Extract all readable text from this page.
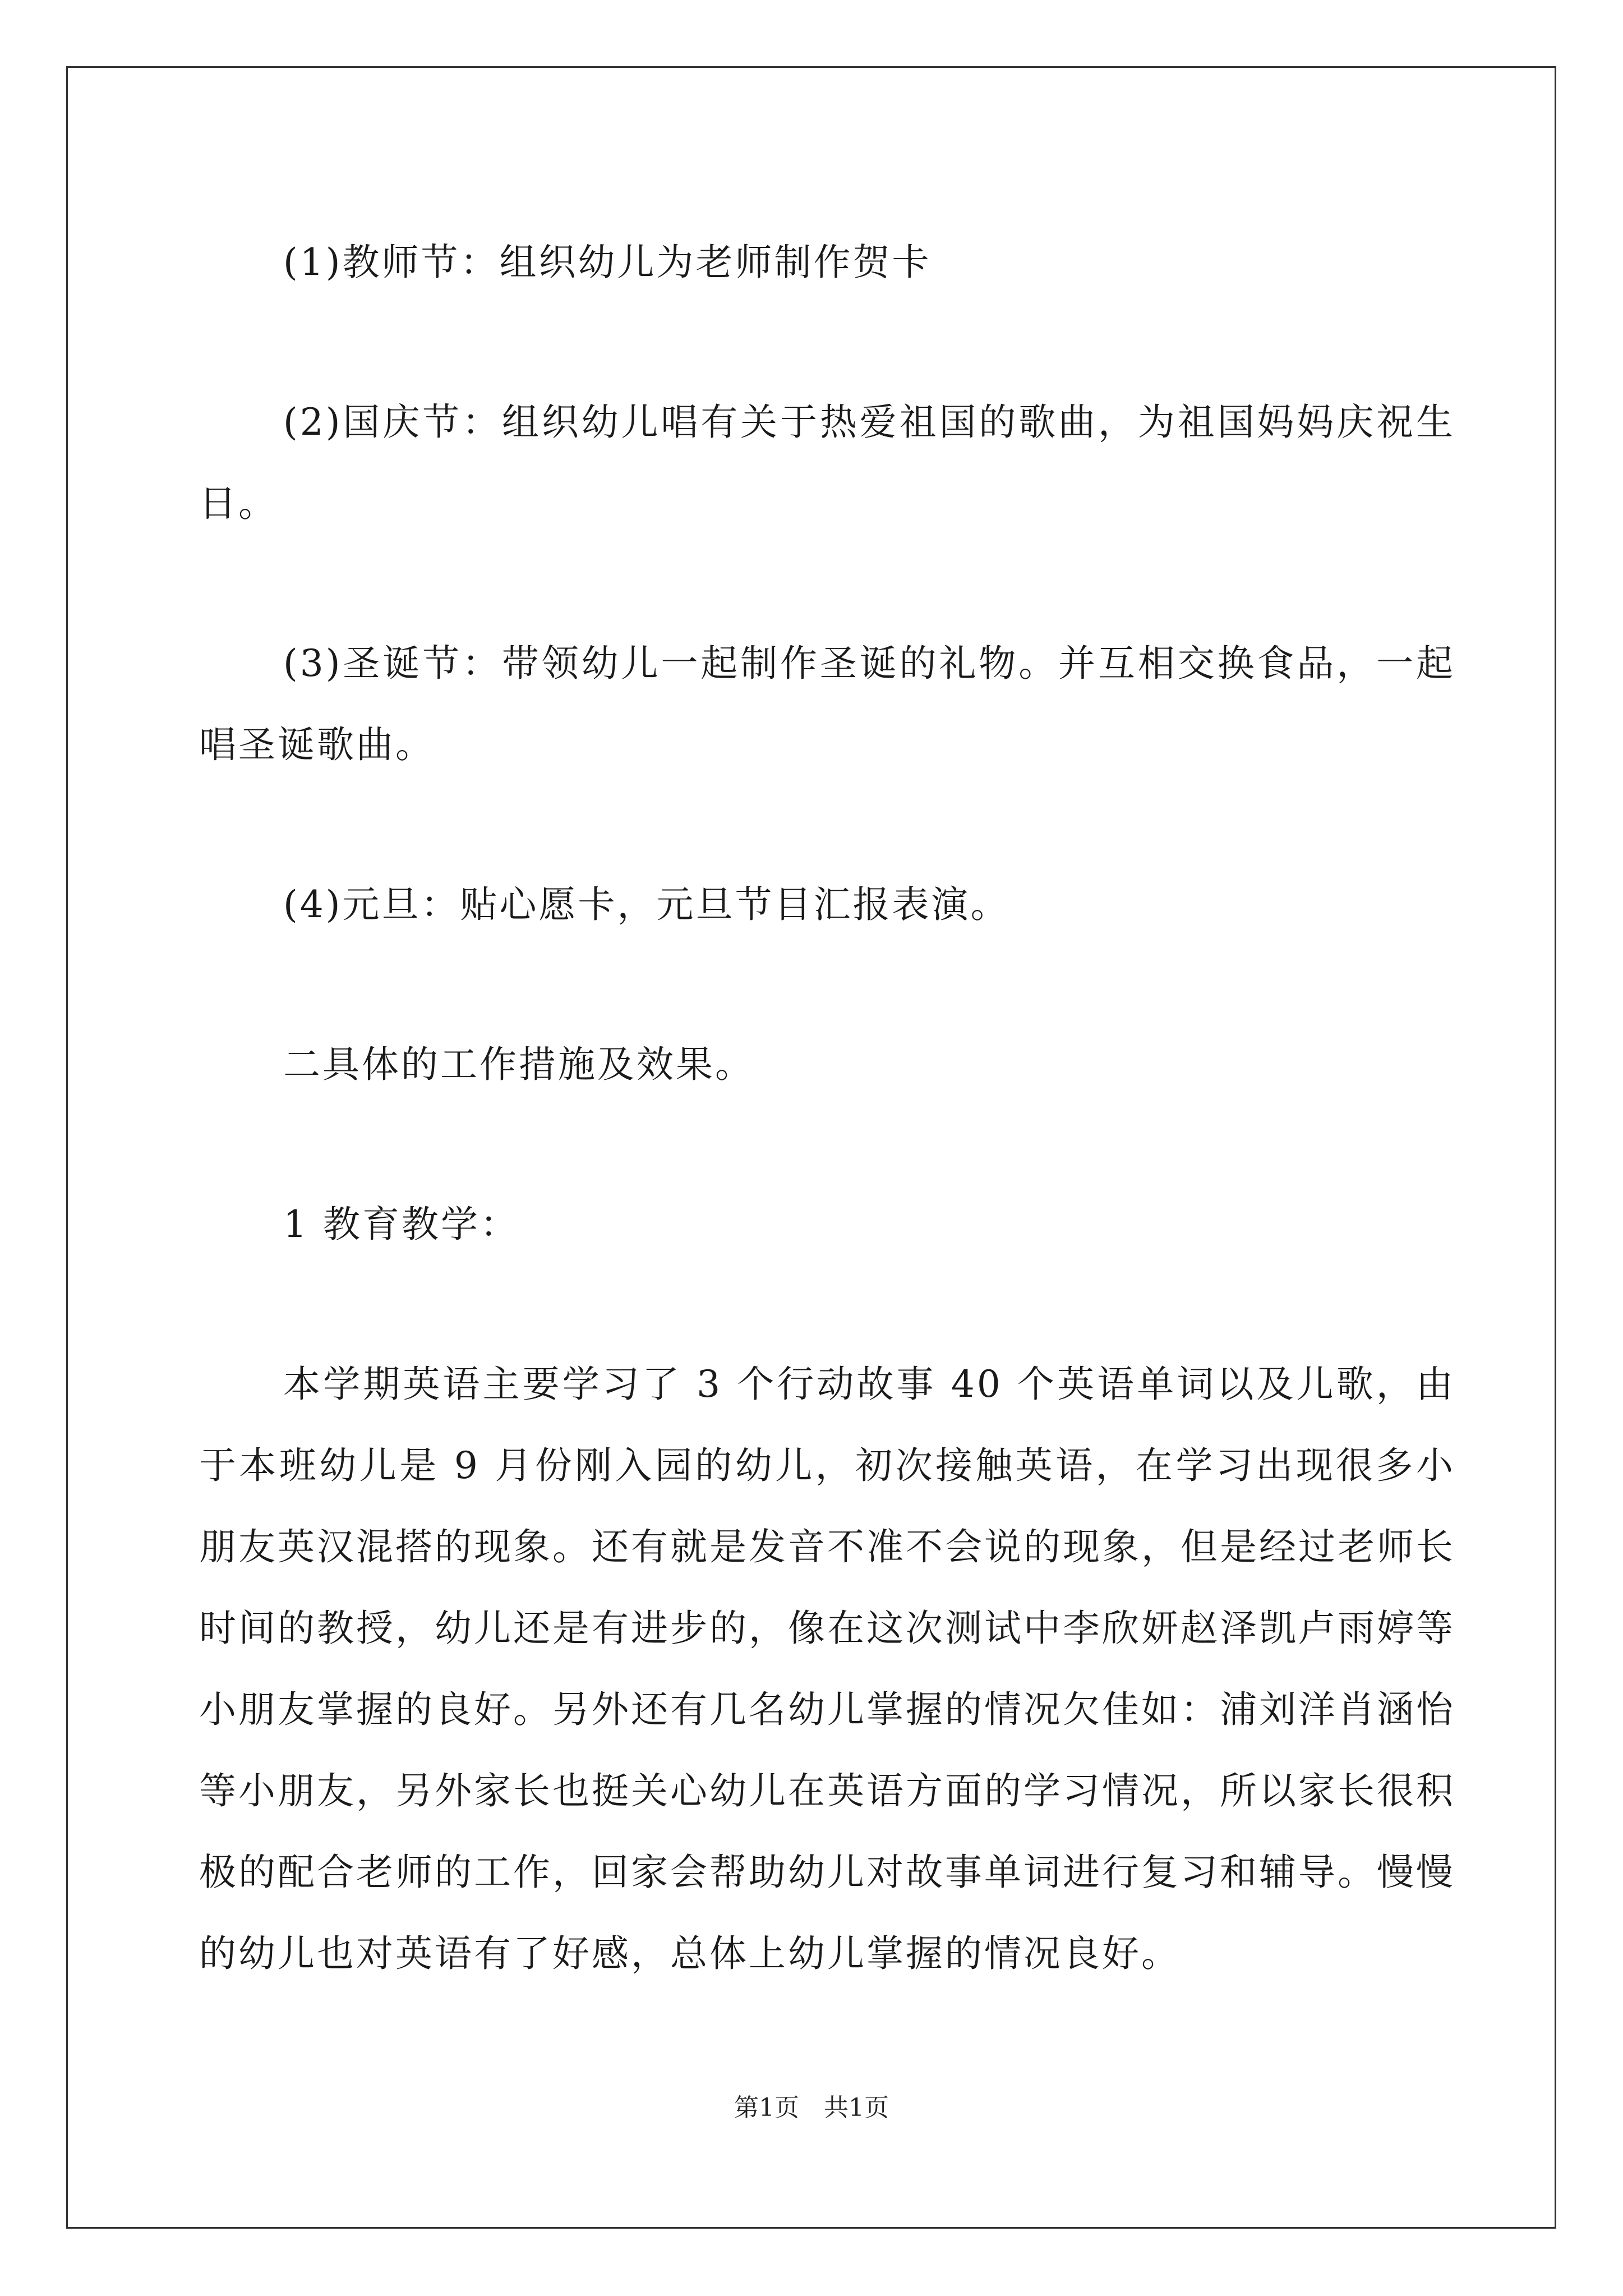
(1)教师节：组织幼儿为老师制作贺卡

(2)国庆节：组织幼儿唱有关于热爱祖国的歌曲，为祖国妈妈庆祝生日。

(3)圣诞节：带领幼儿一起制作圣诞的礼物。并互相交换食品，一起唱圣诞歌曲。

(4)元旦：贴心愿卡，元旦节目汇报表演。

二具体的工作措施及效果。

1 教育教学：

本学期英语主要学习了 3 个行动故事 40 个英语单词以及儿歌，由于本班幼儿是 9 月份刚入园的幼儿，初次接触英语，在学习出现很多小朋友英汉混搭的现象。还有就是发音不准不会说的现象，但是经过老师长时间的教授，幼儿还是有进步的，像在这次测试中李欣妍赵泽凯卢雨婷等小朋友掌握的良好。另外还有几名幼儿掌握的情况欠佳如：浦刘洋肖涵怡等小朋友，另外家长也挺关心幼儿在英语方面的学习情况，所以家长很积极的配合老师的工作，回家会帮助幼儿对故事单词进行复习和辅导。慢慢的幼儿也对英语有了好感，总体上幼儿掌握的情况良好。

第1页　共1页
